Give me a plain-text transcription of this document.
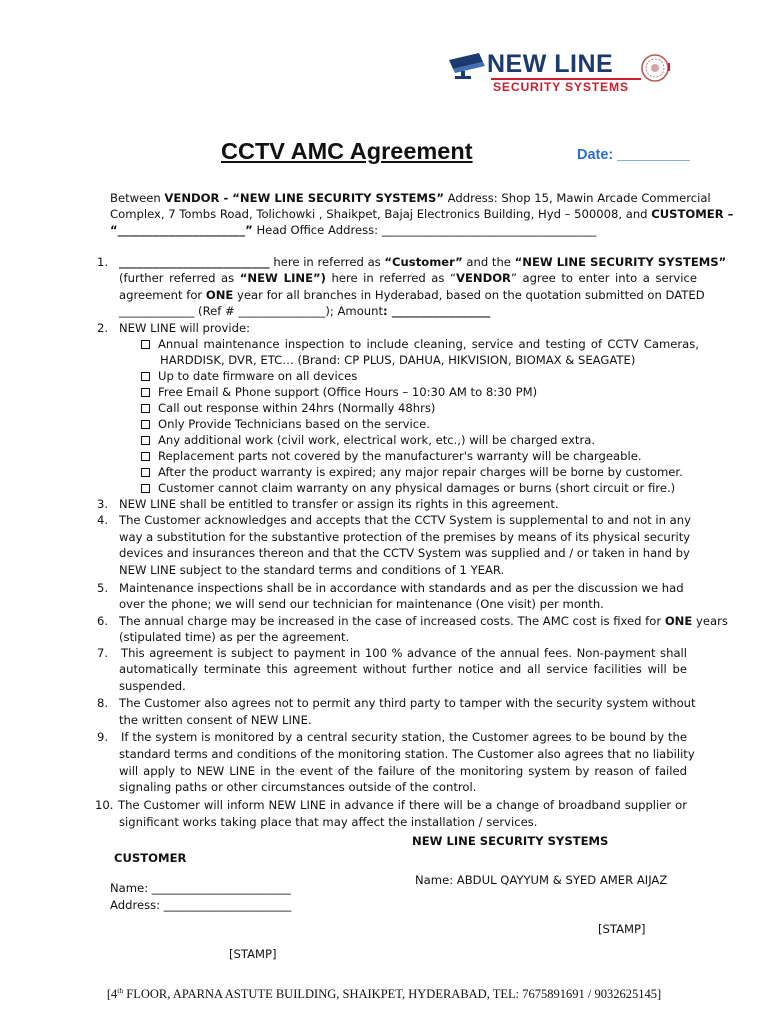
NEW LINE
SECURITY SYSTEMS
CCTV AMC Agreement	Date: _________
Between VENDOR - “NEW LINE SECURITY SYSTEMS” Address: Shop 15, Mawin Arcade Commercial
Complex, 7 Tombs Road, Tolichowki , Shaikpet, Bajaj Electronics Building, Hyd – 500008, and CUSTOMER –
“______________________” Head Office Address: _____________________________________
1. __________________________ here in referred as “Customer” and the “NEW LINE SECURITY SYSTEMS”
(further referred as “NEW LINE”) here in referred as “VENDOR” agree to enter into a service
agreement for ONE year for all branches in Hyderabad, based on the quotation submitted on DATED
_____________ (Ref # _______________); Amount: _________________
2. NEW LINE will provide:
Annual maintenance inspection to include cleaning, service and testing of CCTV Cameras,
HARDDISK, DVR, ETC… (Brand: CP PLUS, DAHUA, HIKVISION, BIOMAX & SEAGATE)
Up to date firmware on all devices
Free Email & Phone support (Office Hours – 10:30 AM to 8:30 PM)
Call out response within 24hrs (Normally 48hrs)
Only Provide Technicians based on the service.
Any additional work (civil work, electrical work, etc.,) will be charged extra.
Replacement parts not covered by the manufacturer's warranty will be chargeable.
After the product warranty is expired; any major repair charges will be borne by customer.
Customer cannot claim warranty on any physical damages or burns (short circuit or fire.)
3. NEW LINE shall be entitled to transfer or assign its rights in this agreement.
4. The Customer acknowledges and accepts that the CCTV System is supplemental to and not in any
way a substitution for the substantive protection of the premises by means of its physical security
devices and insurances thereon and that the CCTV System was supplied and / or taken in hand by
NEW LINE subject to the standard terms and conditions of 1 YEAR.
5. Maintenance inspections shall be in accordance with standards and as per the discussion we had
over the phone; we will send our technician for maintenance (One visit) per month.
6. The annual charge may be increased in the case of increased costs. The AMC cost is fixed for ONE years
(stipulated time) as per the agreement.
7. This agreement is subject to payment in 100 % advance of the annual fees. Non-payment shall
automatically terminate this agreement without further notice and all service facilities will be
suspended.
8. The Customer also agrees not to permit any third party to tamper with the security system without
the written consent of NEW LINE.
9. If the system is monitored by a central security station, the Customer agrees to be bound by the
standard terms and conditions of the monitoring station. The Customer also agrees that no liability
will apply to NEW LINE in the event of the failure of the monitoring system by reason of failed
signaling paths or other circumstances outside of the control.
10. The Customer will inform NEW LINE in advance if there will be a change of broadband supplier or
significant works taking place that may affect the installation / services.
NEW LINE SECURITY SYSTEMS
CUSTOMER
Name: ________________________
Name: ABDUL QAYYUM & SYED AMER AIJAZ
Address: ______________________
[STAMP]
[STAMP]
[4th FLOOR, APARNA ASTUTE BUILDING, SHAIKPET, HYDERABAD, TEL: 7675891691 / 9032625145]
